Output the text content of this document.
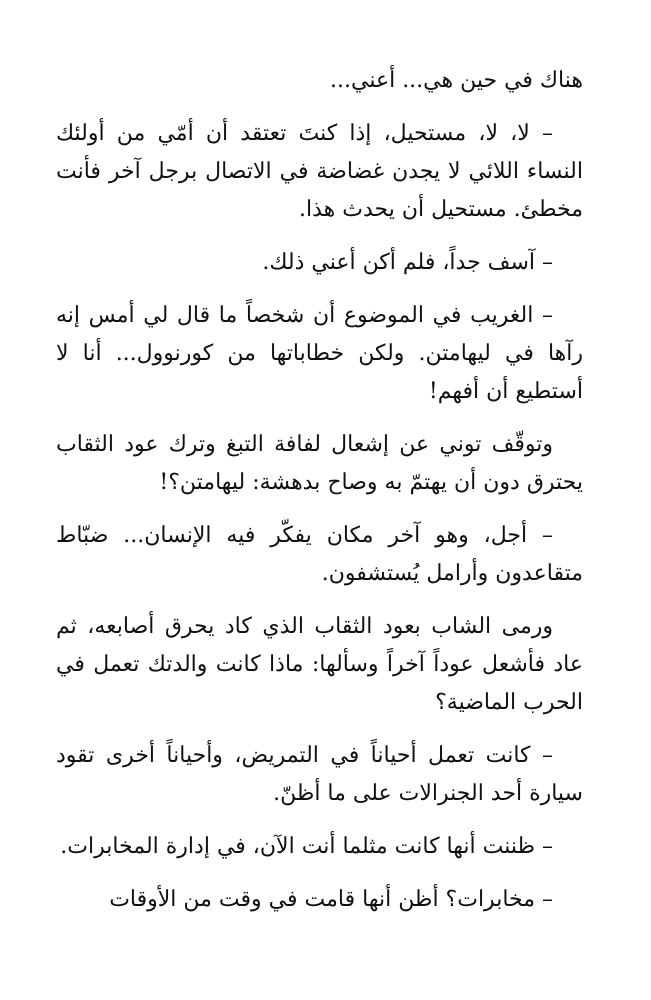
هناك في حين هي... أعني...

– لا، لا، مستحيل، إذا كنتَ تعتقد أن أمّي من أولئك النساء اللائي لا يجدن غضاضة في الاتصال برجل آخر فأنت مخطئ. مستحيل أن يحدث هذا.

– آسف جداً، فلم أكن أعني ذلك.

– الغريب في الموضوع أن شخصاً ما قال لي أمس إنه رآها في ليهامتن. ولكن خطاباتها من كورنوول... أنا لا أستطيع أن أفهم!

وتوقّف توني عن إشعال لفافة التبغ وترك عود الثقاب يحترق دون أن يهتمّ به وصاح بدهشة: ليهامتن؟!

– أجل، وهو آخر مكان يفكّر فيه الإنسان... ضبّاط متقاعدون وأرامل يُستشفون.

ورمى الشاب بعود الثقاب الذي كاد يحرق أصابعه، ثم عاد فأشعل عوداً آخراً وسألها: ماذا كانت والدتك تعمل في الحرب الماضية؟

– كانت تعمل أحياناً في التمريض، وأحياناً أخرى تقود سيارة أحد الجنرالات على ما أظنّ.

– ظننت أنها كانت مثلما أنت الآن، في إدارة المخابرات.

– مخابرات؟ أظن أنها قامت في وقت من الأوقات
